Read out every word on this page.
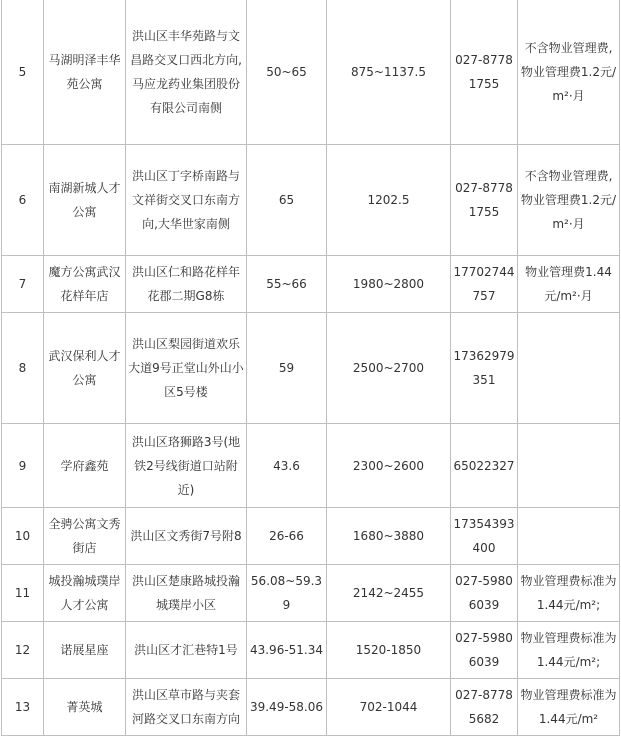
5	马湖明泽丰华苑公寓	洪山区丰华苑路与文昌路交叉口西北方向,马应龙药业集团股份有限公司南侧	50~65	875~1137.5	027-87781755	不含物业管理费,物业管理费1.2元/m²·月
6	南湖新城人才公寓	洪山区丁字桥南路与文祥街交叉口东南方向,大华世家南侧	65	1202.5	027-87781755	不含物业管理费,物业管理费1.2元/m²·月
7	魔方公寓武汉花样年店	洪山区仁和路花样年花郡二期G8栋	55~66	1980~2800	17702744757	物业管理费1.44元/m²·月
8	武汉保利人才公寓	洪山区梨园街道欢乐大道9号正堂山外山小区5号楼	59	2500~2700	17362979351	
9	学府鑫苑	洪山区珞狮路3号(地铁2号线街道口站附近)	43.6	2300~2600	65022327	
10	全骋公寓文秀街店	洪山区文秀街7号附8	26-66	1680~3880	17354393400	
11	城投瀚城璞岸人才公寓	洪山区楚康路城投瀚城璞岸小区	56.08~59.39	2142~2455	027-59806039	物业管理费标准为1.44元/m²;
12	诺展星座	洪山区才汇巷特1号	43.96-51.34	1520-1850	027-59806039	物业管理费标准为1.44元/m²;
13	菁英城	洪山区草市路与夹套河路交叉口东南方向	39.49-58.06	702-1044	027-87785682	物业管理费标准为1.44元/m²
